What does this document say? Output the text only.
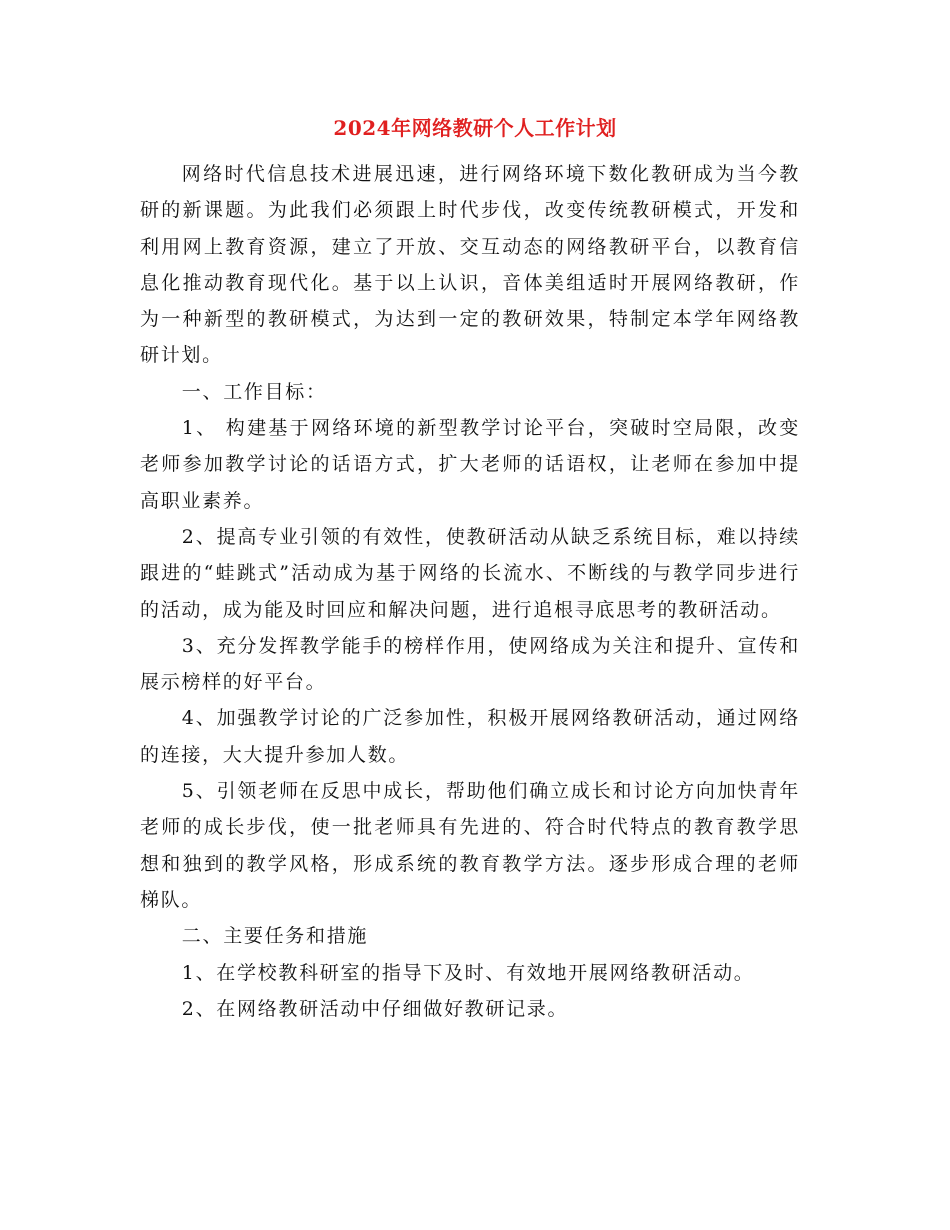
2024年网络教研个人工作计划

网络时代信息技术进展迅速，进行网络环境下数化教研成为当今教研的新课题。为此我们必须跟上时代步伐，改变传统教研模式，开发和利用网上教育资源，建立了开放、交互动态的网络教研平台，以教育信息化推动教育现代化。基于以上认识，音体美组适时开展网络教研，作为一种新型的教研模式，为达到一定的教研效果，特制定本学年网络教研计划。

一、工作目标：

1、 构建基于网络环境的新型教学讨论平台，突破时空局限，改变老师参加教学讨论的话语方式，扩大老师的话语权，让老师在参加中提高职业素养。

2、提高专业引领的有效性，使教研活动从缺乏系统目标，难以持续跟进的“蛙跳式”活动成为基于网络的长流水、不断线的与教学同步进行的活动，成为能及时回应和解决问题，进行追根寻底思考的教研活动。

3、充分发挥教学能手的榜样作用，使网络成为关注和提升、宣传和展示榜样的好平台。

4、加强教学讨论的广泛参加性，积极开展网络教研活动，通过网络的连接，大大提升参加人数。

5、引领老师在反思中成长，帮助他们确立成长和讨论方向加快青年老师的成长步伐，使一批老师具有先进的、符合时代特点的教育教学思想和独到的教学风格，形成系统的教育教学方法。逐步形成合理的老师梯队。

二、主要任务和措施

1、在学校教科研室的指导下及时、有效地开展网络教研活动。

2、在网络教研活动中仔细做好教研记录。
